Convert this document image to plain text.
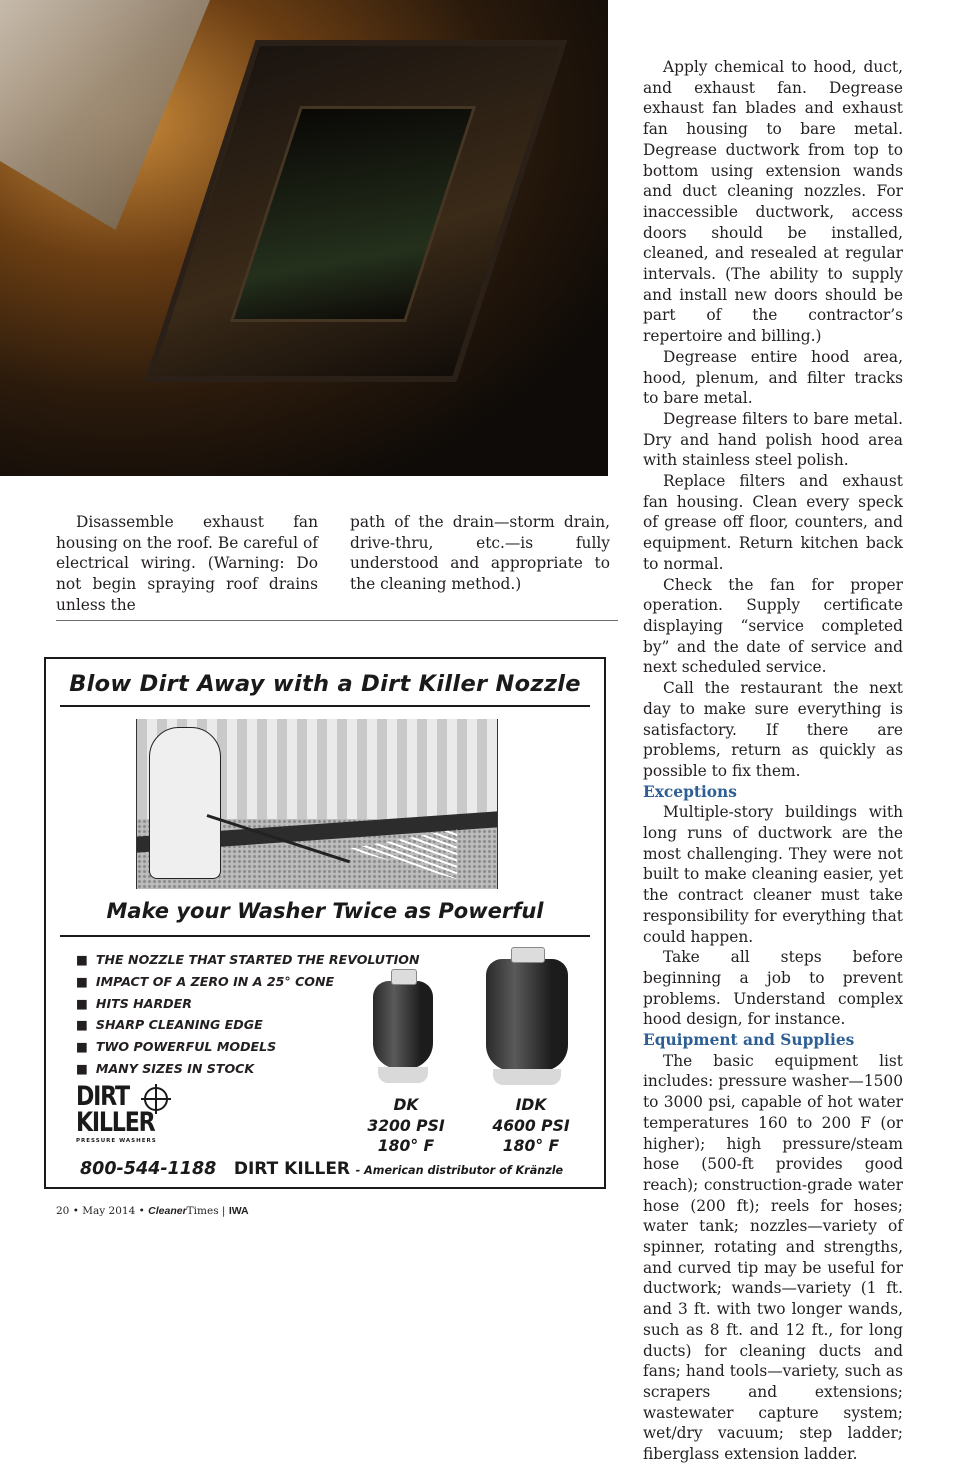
Disassemble exhaust fan housing on the roof. Be careful of electrical wiring. (Warning: Do not begin spraying roof drains unless the

path of the drain—storm drain, drive-thru, etc.—is fully understood and appropriate to the cleaning method.)

Apply chemical to hood, duct, and exhaust fan. Degrease exhaust fan blades and exhaust fan housing to bare metal. Degrease ductwork from top to bottom using extension wands and duct cleaning nozzles. For inaccessible ductwork, access doors should be installed, cleaned, and resealed at regular intervals. (The ability to supply and install new doors should be part of the contractor’s repertoire and billing.)

Degrease entire hood area, hood, plenum, and filter tracks to bare metal.

Degrease filters to bare metal. Dry and hand polish hood area with stainless steel polish.

Replace filters and exhaust fan housing. Clean every speck of grease off floor, counters, and equipment. Return kitchen back to normal.

Check the fan for proper operation. Supply certificate displaying “service completed by” and the date of service and next scheduled service.

Call the restaurant the next day to make sure everything is satisfactory. If there are problems, return as quickly as possible to fix them.

Exceptions

Multiple-story buildings with long runs of ductwork are the most challenging. They were not built to make cleaning easier, yet the contract cleaner must take responsibility for everything that could happen.

Take all steps before beginning a job to prevent problems. Understand complex hood design, for instance.

Equipment and Supplies

The basic equipment list includes: pressure washer—1500 to 3000 psi, capable of hot water temperatures 160 to 200 F (or higher); high pressure/steam hose (500-ft provides good reach); construction-grade water hose (200 ft); reels for hoses; water tank; nozzles—variety of spinner, rotating and strengths, and curved tip may be useful for ductwork; wands—variety (1 ft. and 3 ft. with two longer wands, such as 8 ft. and 12 ft., for long ducts) for cleaning ducts and fans; hand tools—variety, such as scrapers and extensions; wastewater capture system; wet/dry vacuum; step ladder; fiberglass extension ladder.

Blow Dirt Away with a Dirt Killer Nozzle
Make your Washer Twice as Powerful
■ THE NOZZLE THAT STARTED THE REVOLUTION
■ IMPACT OF A ZERO IN A 25° CONE
■ HITS HARDER
■ SHARP CLEANING EDGE
■ TWO POWERFUL MODELS
■ MANY SIZES IN STOCK
DK
3200 PSI
180° F
IDK
4600 PSI
180° F
DIRT
KILLER
PRESSURE WASHERS
800-544-1188 DIRT KILLER - American distributor of Kränzle
20 • May 2014 • CleanerTimes | IWA
